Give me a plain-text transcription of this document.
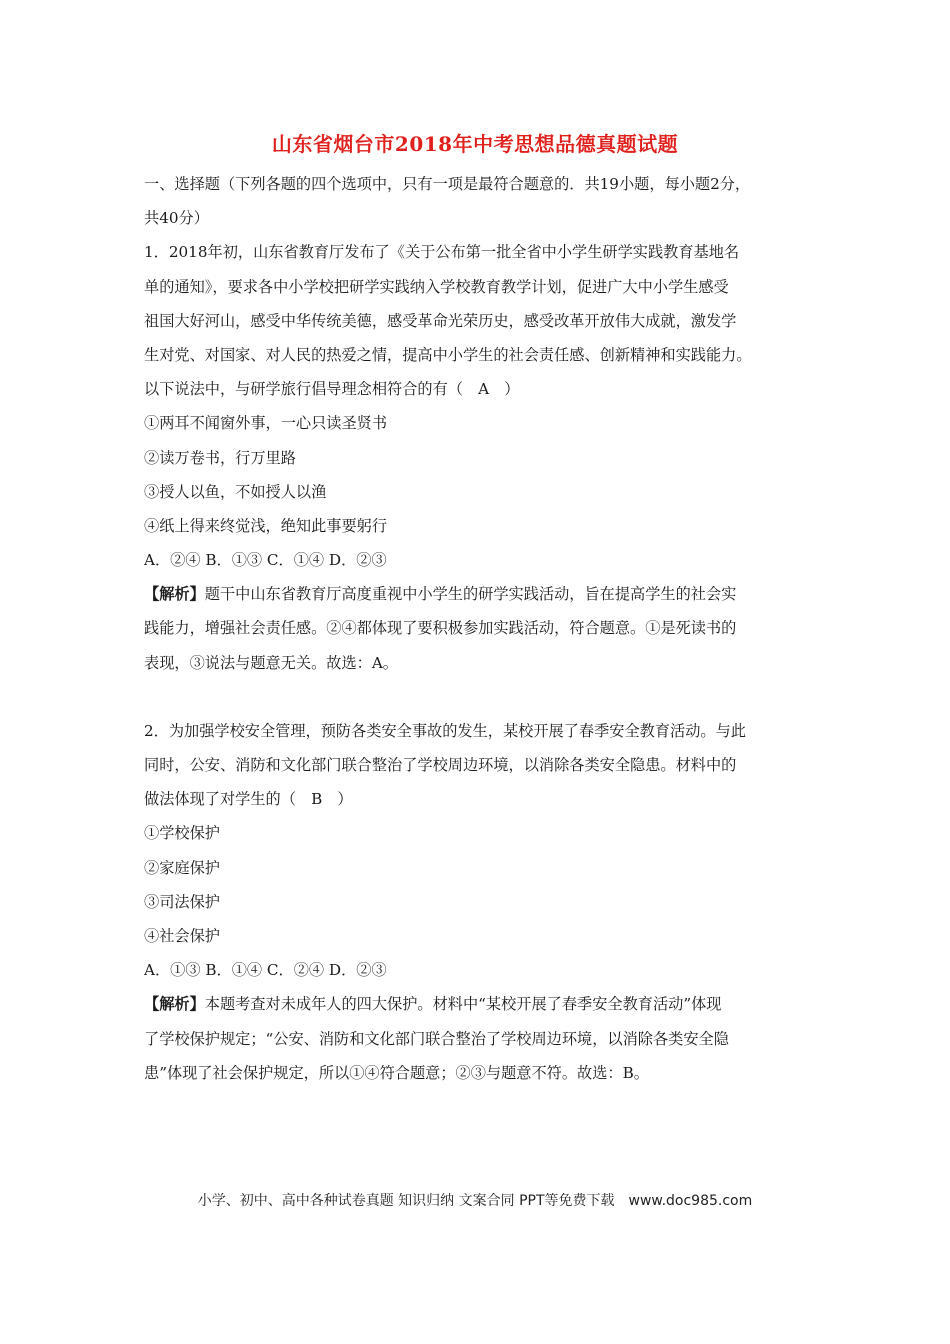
山东省烟台市2018年中考思想品德真题试题
一、选择题（下列各题的四个选项中，只有一项是最符合题意的．共19小题，每小题2分，
共40分）
1．2018年初，山东省教育厅发布了《关于公布第一批全省中小学生研学实践教育基地名
单的通知》，要求各中小学校把研学实践纳入学校教育教学计划，促进广大中小学生感受
祖国大好河山，感受中华传统美德，感受革命光荣历史，感受改革开放伟大成就，激发学
生对党、对国家、对人民的热爱之情，提高中小学生的社会责任感、创新精神和实践能力。
以下说法中，与研学旅行倡导理念相符合的有（　A　）
①两耳不闻窗外事，一心只读圣贤书
②读万卷书，行万里路
③授人以鱼，不如授人以渔
④纸上得来终觉浅，绝知此事要躬行
A．②④ B．①③ C．①④ D．②③
【解析】题干中山东省教育厅高度重视中小学生的研学实践活动，旨在提高学生的社会实
践能力，增强社会责任感。②④都体现了要积极参加实践活动，符合题意。①是死读书的
表现，③说法与题意无关。故选：A。
2．为加强学校安全管理，预防各类安全事故的发生，某校开展了春季安全教育活动。与此
同时，公安、消防和文化部门联合整治了学校周边环境，以消除各类安全隐患。材料中的
做法体现了对学生的（　B　）
①学校保护
②家庭保护
③司法保护
④社会保护
A．①③ B．①④ C．②④ D．②③
【解析】本题考查对未成年人的四大保护。材料中“某校开展了春季安全教育活动”体现
了学校保护规定；“公安、消防和文化部门联合整治了学校周边环境，以消除各类安全隐
患”体现了社会保护规定，所以①④符合题意；②③与题意不符。故选：B。
小学、初中、高中各种试卷真题 知识归纳 文案合同 PPT等免费下载　www.doc985.com
